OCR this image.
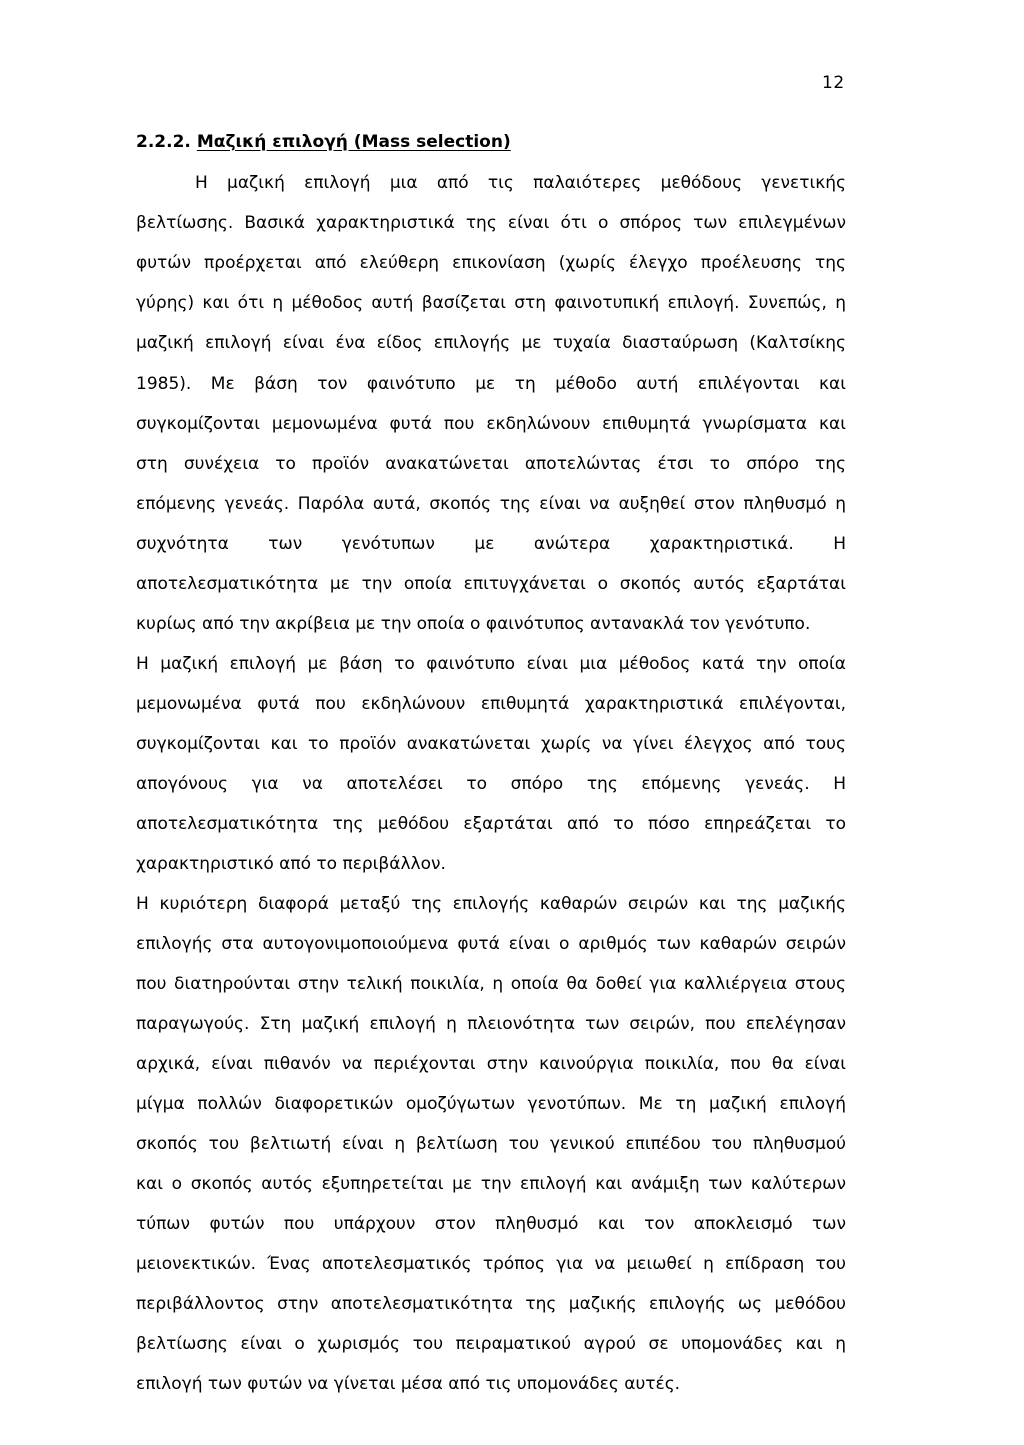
12
2.2.2. Μαζική επιλογή (Mass selection)
Η μαζική επιλογή μια από τις παλαιότερες μεθόδους γενετικής
βελτίωσης. Βασικά χαρακτηριστικά της είναι ότι ο σπόρος των επιλεγμένων
φυτών προέρχεται από ελεύθερη επικονίαση (χωρίς έλεγχο προέλευσης της
γύρης) και ότι η μέθοδος αυτή βασίζεται στη φαινοτυπική επιλογή. Συνεπώς, η
μαζική επιλογή είναι ένα είδος επιλογής με τυχαία διασταύρωση (Καλτσίκης
1985). Με βάση τον φαινότυπο με τη μέθοδο αυτή επιλέγονται και
συγκομίζονται μεμονωμένα φυτά που εκδηλώνουν επιθυμητά γνωρίσματα και
στη συνέχεια το προϊόν ανακατώνεται αποτελώντας έτσι το σπόρο της
επόμενης γενεάς. Παρόλα αυτά, σκοπός της είναι να αυξηθεί στον πληθυσμό η
συχνότητα των γενότυπων με ανώτερα χαρακτηριστικά. Η
αποτελεσματικότητα με την οποία επιτυγχάνεται ο σκοπός αυτός εξαρτάται
κυρίως από την ακρίβεια με την οποία ο φαινότυπος αντανακλά τον γενότυπο.
Η μαζική επιλογή με βάση το φαινότυπο είναι μια μέθοδος κατά την οποία
μεμονωμένα φυτά που εκδηλώνουν επιθυμητά χαρακτηριστικά επιλέγονται,
συγκομίζονται και το προϊόν ανακατώνεται χωρίς να γίνει έλεγχος από τους
απογόνους για να αποτελέσει το σπόρο της επόμενης γενεάς. Η
αποτελεσματικότητα της μεθόδου εξαρτάται από το πόσο επηρεάζεται το
χαρακτηριστικό από το περιβάλλον.
Η κυριότερη διαφορά μεταξύ της επιλογής καθαρών σειρών και της μαζικής
επιλογής στα αυτογονιμοποιούμενα φυτά είναι ο αριθμός των καθαρών σειρών
που διατηρούνται στην τελική ποικιλία, η οποία θα δοθεί για καλλιέργεια στους
παραγωγούς. Στη μαζική επιλογή η πλειονότητα των σειρών, που επελέγησαν
αρχικά, είναι πιθανόν να περιέχονται στην καινούργια ποικιλία, που θα είναι
μίγμα πολλών διαφορετικών ομοζύγωτων γενοτύπων. Με τη μαζική επιλογή
σκοπός του βελτιωτή είναι η βελτίωση του γενικού επιπέδου του πληθυσμού
και ο σκοπός αυτός εξυπηρετείται με την επιλογή και ανάμιξη των καλύτερων
τύπων φυτών που υπάρχουν στον πληθυσμό και τον αποκλεισμό των
μειονεκτικών. Ένας αποτελεσματικός τρόπος για να μειωθεί η επίδραση του
περιβάλλοντος στην αποτελεσματικότητα της μαζικής επιλογής ως μεθόδου
βελτίωσης είναι ο χωρισμός του πειραματικού αγρού σε υπομονάδες και η
επιλογή των φυτών να γίνεται μέσα από τις υπομονάδες αυτές.
